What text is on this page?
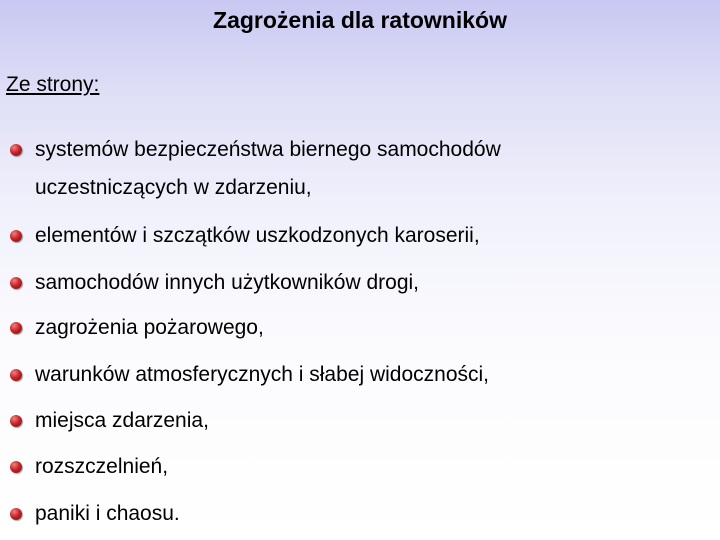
Zagrożenia dla ratowników
Ze strony:
systemów bezpieczeństwa biernego samochodów
uczestniczących w zdarzeniu,
elementów i szczątków uszkodzonych karoserii,
samochodów innych użytkowników drogi,
zagrożenia pożarowego,
warunków atmosferycznych i słabej widoczności,
miejsca zdarzenia,
rozszczelnień,
paniki i chaosu.
